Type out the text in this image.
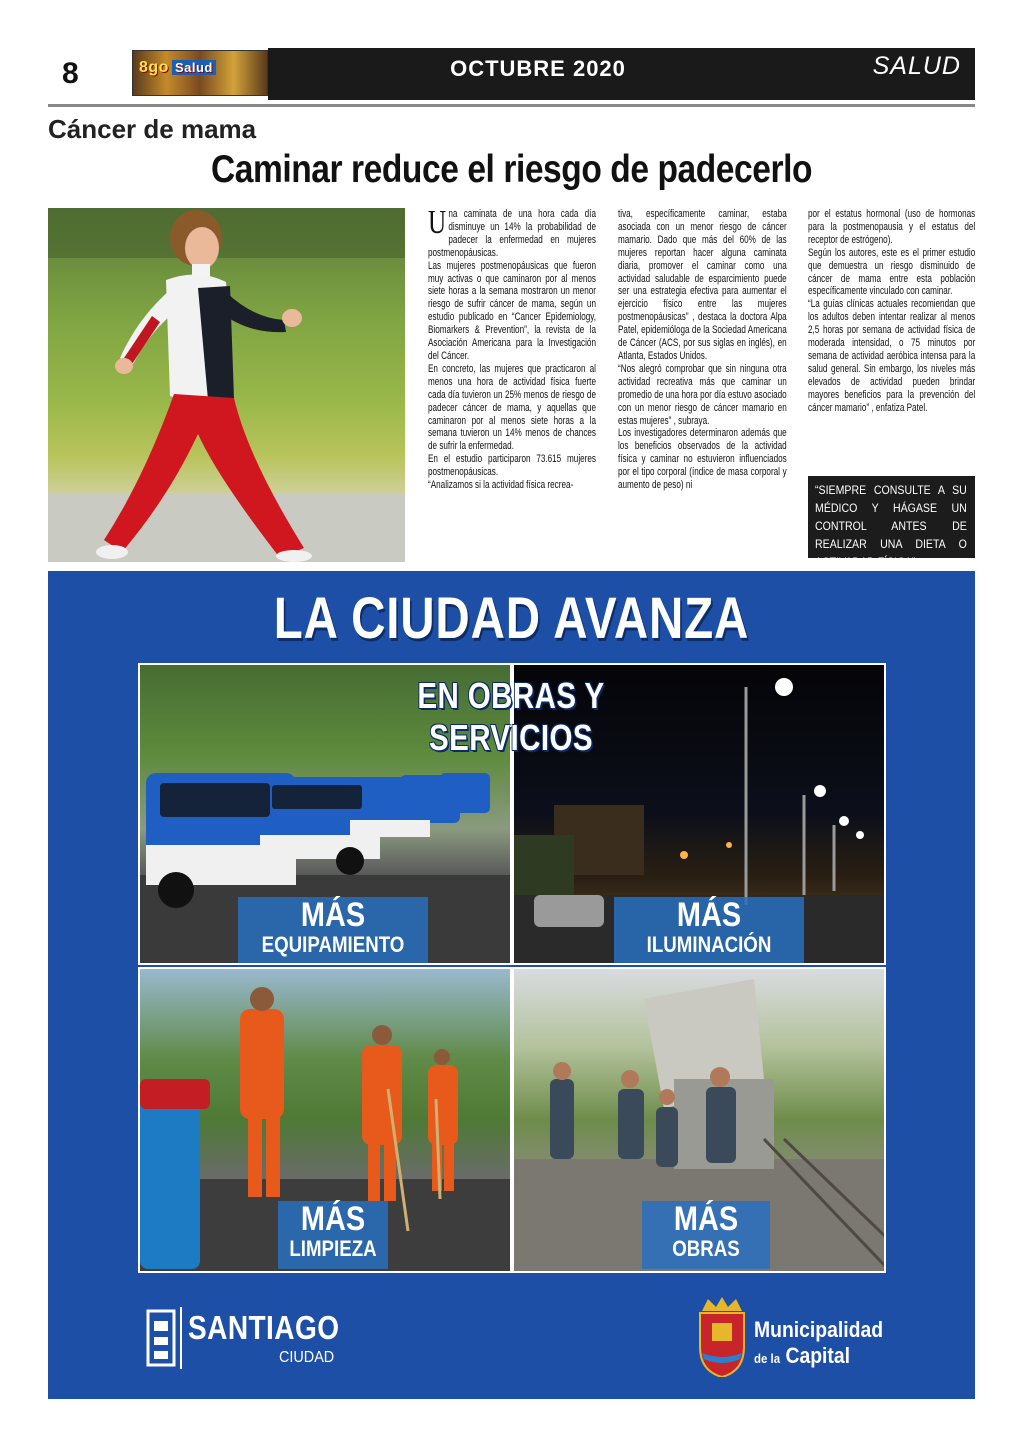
8	8go Salud	OCTUBRE 2020	SALUD
Cáncer de mama
Caminar reduce el riesgo de padecerlo

Una caminata de una hora cada día disminuye un 14% la probabilidad de padecer la enfermedad en mujeres postmenopáusicas.

Las mujeres postmenopáusicas que fueron muy activas o que caminaron por al menos siete horas a la semana mostraron un menor riesgo de sufrir cáncer de mama, según un estudio publicado en “Cancer Epidemiology, Biomarkers & Prevention”, la revista de la Asociación Americana para la Investigación del Cáncer.

En concreto, las mujeres que practicaron al menos una hora de actividad física fuerte cada día tuvieron un 25% menos de riesgo de padecer cáncer de mama, y aquellas que caminaron por al menos siete horas a la semana tuvieron un 14% menos de chances de sufrir la enfermedad.

En el estudio participaron 73.615 mujeres postmenopáusicas.

“Analizamos si la actividad física recrea-

tiva, específicamente caminar, estaba asociada con un menor riesgo de cáncer mamario. Dado que más del 60% de las mujeres reportan hacer alguna caminata diaria, promover el caminar como una actividad saludable de esparcimiento puede ser una estrategia efectiva para aumentar el ejercicio físico entre las mujeres postmenopáusicas” , destaca la doctora Alpa Patel, epidemióloga de la Sociedad Americana de Cáncer (ACS, por sus siglas en inglés), en Atlanta, Estados Unidos.

“Nos alegró comprobar que sin ninguna otra actividad recreativa más que caminar un promedio de una hora por día estuvo asociado con un menor riesgo de cáncer mamario en estas mujeres” , subraya.

Los investigadores determinaron además que los beneficios observados de la actividad física y caminar no estuvieron influenciados por el tipo corporal (índice de masa corporal y aumento de peso) ni

por el estatus hormonal (uso de hormonas para la postmenopausia y el estatus del receptor de estrógeno).

Según los autores, este es el primer estudio que demuestra un riesgo disminuido de cáncer de mama entre esta población específicamente vinculado con caminar.

“La guías clínicas actuales recomiendan que los adultos deben intentar realizar al menos 2,5 horas por semana de actividad física de moderada intensidad, o 75 minutos por semana de actividad aeróbica intensa para la salud general. Sin embargo, los niveles más elevados de actividad pueden brindar mayores beneficios para la prevención del cáncer mamario” , enfatiza Patel.

“SIEMPRE CONSULTE A SU MÉDICO Y HÁGASE UN CONTROL ANTES DE REALIZAR UNA DIETA O ACTIVADAD FÍSICA”
LA CIUDAD AVANZA
MÁS
EQUIPAMIENTO
MÁS
ILUMINACIÓN
MÁS
LIMPIEZA
MÁS
OBRAS
EN OBRAS Y SERVICIOS
SANTIAGO
CIUDAD
Municipalidad
de la Capital
